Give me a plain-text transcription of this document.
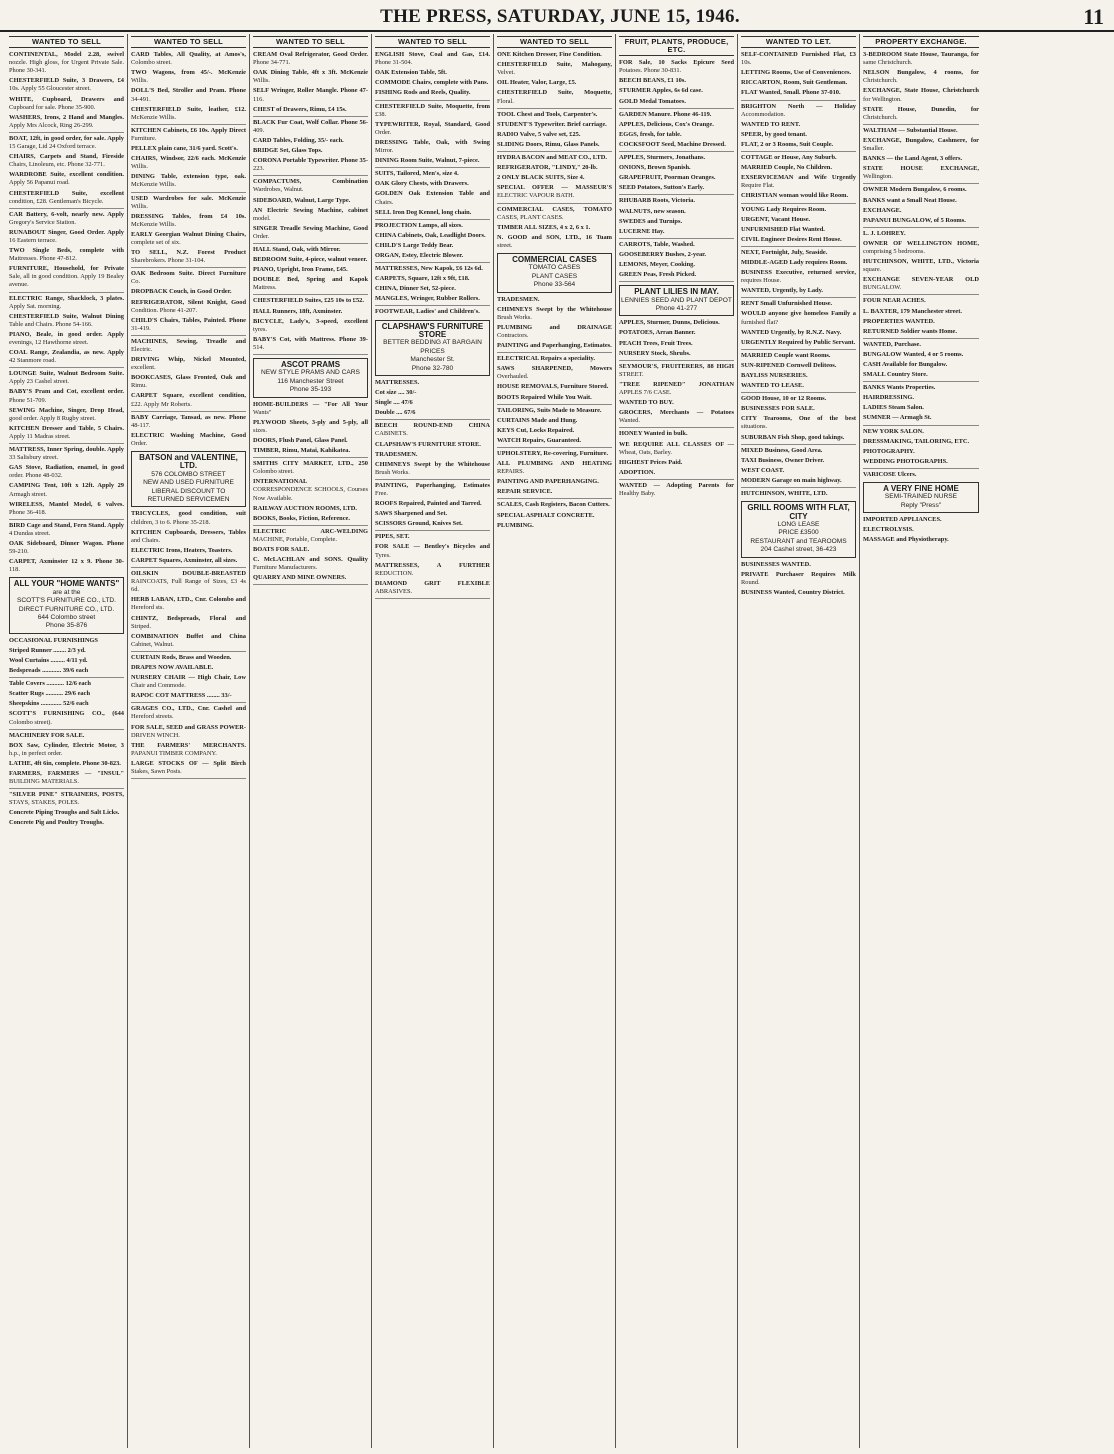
THE PRESS, SATURDAY, JUNE 15, 1946.	11
WANTED TO SELL
CONTINENTAL, Model 2.28, swivel nozzle. High gloss, for Urgent Private Sale. Phone 30-341.
CHESTERFIELD Suite, 3 Drawers, £4 10s. Apply 55 Gloucester street.
WHITE, Cupboard, Drawers and Cupboard for sale. Phone 35-900.
WASHERS, Irons, 2 Hand and Mangles. Apply Mrs Alcock, Ring 26-299.
BOAT, 12ft, in good order, for sale. Apply 15 Garage, Lid 24 Oxford terrace.
CHAIRS, Carpets and Stand, Fireside Chairs, Linoleum, etc. Phone 32-771.
WARDROBE Suite, excellent condition. Apply 56 Papanui road.
CHESTERFIELD Suite, excellent condition, £28. Gentleman's Bicycle.
CAR Battery, 6-volt, nearly new. Apply Gregory's Service Station.
RUNABOUT Singer, Good Order. Apply 16 Eastern terrace.
TWO Single Beds, complete with Mattresses. Phone 47-812.
FURNITURE, Household, for Private Sale, all in good condition. Apply 19 Bealey avenue.
ELECTRIC Range, Shacklock, 3 plates. Apply Sat. morning.
CHESTERFIELD Suite, Walnut Dining Table and Chairs. Phone 54-166.
PIANO, Beale, in good order. Apply evenings, 12 Hawthorne street.
COAL Range, Zealandia, as new. Apply 42 Stanmore road.
LOUNGE Suite, Walnut Bedroom Suite. Apply 23 Cashel street.
BABY'S Pram and Cot, excellent order. Phone 51-709.
SEWING Machine, Singer, Drop Head, good order. Apply 8 Rugby street.
KITCHEN Dresser and Table, 5 Chairs. Apply 11 Madras street.
MATTRESS, Inner Spring, double. Apply 33 Salisbury street.
GAS Stove, Radiation, enamel, in good order. Phone 48-032.
CAMPING Tent, 10ft x 12ft. Apply 29 Armagh street.
WIRELESS, Mantel Model, 6 valves. Phone 36-418.
BIRD Cage and Stand, Fern Stand. Apply 4 Dundas street.
OAK Sideboard, Dinner Wagon. Phone 59-210.
CARPET, Axminster 12 x 9. Phone 30-118.
ALL YOUR "HOME WANTS"
are at the
SCOTT'S FURNITURE CO., LTD.
DIRECT FURNITURE CO., LTD.
644 Colombo street
Phone 35-876
OCCASIONAL FURNISHINGS
Striped Runner ........ 2/3 yd.
Wool Curtains ......... 4/11 yd.
Bedspreads ............ 39/6 each
Table Covers ........... 12/6 each
Scatter Rugs ........... 29/6 each
Sheepskins ............. 52/6 each
SCOTT'S FURNISHING CO., (644 Colombo street).
MACHINERY FOR SALE.
BOX Saw, Cylinder, Electric Motor, 3 h.p., in perfect order.
LATHE, 4ft 6in, complete. Phone 30-823.
FARMERS, FARMERS — "INSUL" BUILDING MATERIALS.
"SILVER PINE" STRAINERS, POSTS, STAYS, STAKES, POLES.
Concrete Piping Troughs and Salt Licks.
Concrete Pig and Poultry Troughs.
WANTED TO SELL
CARD Tables, All Quality, at Amos's, Colombo street.
TWO Wagons, from 45/-. McKenzie Willis.
DOLL'S Bed, Stroller and Pram. Phone 34-491.
CHESTERFIELD Suite, leather, £12. McKenzie Willis.
KITCHEN Cabinets, £6 10s. Apply Direct Furniture.
PELLEX plain cane, 31/6 yard. Scott's.
CHAIRS, Windsor, 22/6 each. McKenzie Willis.
DINING Table, extension type, oak. McKenzie Willis.
USED Wardrobes for sale. McKenzie Willis.
DRESSING Tables, from £4 10s. McKenzie Willis.
EARLY Georgian Walnut Dining Chairs, complete set of six.
TO SELL, N.Z. Forest Product Sharebrokers. Phone 31-104.
OAK Bedroom Suite. Direct Furniture Co.
DROPBACK Couch, in Good Order.
REFRIGERATOR, Silent Knight, Good Condition. Phone 41-207.
CHILD'S Chairs, Tables, Painted. Phone 31-419.
MACHINES, Sewing, Treadle and Electric.
DRIVING Whip, Nickel Mounted, excellent.
BOOKCASES, Glass Fronted, Oak and Rimu.
CARPET Square, excellent condition, £22. Apply Mr Roberts.
BABY Carriage, Tansad, as new. Phone 48-117.
ELECTRIC Washing Machine, Good Order.
BATSON and VALENTINE, LTD.
576 COLOMBO STREET
NEW AND USED FURNITURE
LIBERAL DISCOUNT TO RETURNED SERVICEMEN
TRICYCLES, good condition, suit children, 3 to 6. Phone 35-218.
KITCHEN Cupboards, Dressers, Tables and Chairs.
ELECTRIC Irons, Heaters, Toasters.
CARPET Squares, Axminster, all sizes.
OILSKIN DOUBLE-BREASTED RAINCOATS, Full Range of Sizes, £3 4s 6d.
HERB LABAN, LTD., Cnr. Colombo and Hereford sts.
CHINTZ, Bedspreads, Floral and Striped.
COMBINATION Buffet and China Cabinet, Walnut.
CURTAIN Rods, Brass and Wooden.
DRAPES NOW AVAILABLE.
NURSERY CHAIR — High Chair, Low Chair and Commode.
RAPOC COT MATTRESS ........ 33/-
GRAGES CO., LTD., Cnr. Cashel and Hereford streets.
FOR SALE, SEED and GRASS POWER-DRIVEN WINCH.
THE FARMERS' MERCHANTS. PAPANUI TIMBER COMPANY.
LARGE STOCKS OF — Split Birch Stakes, Sawn Posts.
WANTED TO SELL
CREAM Oval Refrigerator, Good Order. Phone 34-771.
OAK Dining Table, 4ft x 3ft. McKenzie Willis.
SELF Wringer, Roller Mangle. Phone 47-116.
CHEST of Drawers, Rimu, £4 15s.
BLACK Fur Coat, Wolf Collar. Phone 56-409.
CARD Tables, Folding, 35/- each.
BRIDGE Set, Glass Tops.
CORONA Portable Typewriter. Phone 35-223.
COMPACTUMS, Combination Wardrobes, Walnut.
SIDEBOARD, Walnut, Large Type.
AN Electric Sewing Machine, cabinet model.
SINGER Treadle Sewing Machine, Good Order.
HALL Stand, Oak, with Mirror.
BEDROOM Suite, 4-piece, walnut veneer.
PIANO, Upright, Iron Frame, £45.
DOUBLE Bed, Spring and Kapok Mattress.
CHESTERFIELD Suites, £25 10s to £52.
HALL Runners, 18ft, Axminster.
BICYCLE, Lady's, 3-speed, excellent tyres.
BABY'S Cot, with Mattress. Phone 39-514.
ASCOT PRAMS
NEW STYLE PRAMS AND CARS
116 Manchester Street
Phone 35-193
HOME-BUILDERS — "For All Your Wants"
PLYWOOD Sheets, 3-ply and 5-ply, all sizes.
DOORS, Flush Panel, Glass Panel.
TIMBER, Rimu, Matai, Kahikatea.
SMITHS CITY MARKET, LTD., 250 Colombo street.
INTERNATIONAL CORRESPONDENCE SCHOOLS, Courses Now Available.
RAILWAY AUCTION ROOMS, LTD.
BOOKS, Books, Fiction, Reference.
ELECTRIC ARC-WELDING MACHINE, Portable, Complete.
BOATS FOR SALE.
C. McLACHLAN and SONS. Quality Furniture Manufacturers.
QUARRY AND MINE OWNERS.
WANTED TO SELL
ENGLISH Stove, Coal and Gas, £14. Phone 31-504.
OAK Extension Table, 5ft.
COMMODE Chairs, complete with Pans.
FISHING Rods and Reels, Quality.
CHESTERFIELD Suite, Moquette, from £38.
TYPEWRITER, Royal, Standard, Good Order.
DRESSING Table, Oak, with Swing Mirror.
DINING Room Suite, Walnut, 7-piece.
SUITS, Tailored, Men's, size 4.
OAK Glory Chests, with Drawers.
GOLDEN Oak Extension Table and Chairs.
SELL Iron Dog Kennel, long chain.
PROJECTION Lamps, all sizes.
CHINA Cabinets, Oak, Leadlight Doors.
CHILD'S Large Teddy Bear.
ORGAN, Estey, Electric Blower.
MATTRESSES, New Kapok, £6 12s 6d.
CARPETS, Square, 12ft x 9ft, £18.
CHINA, Dinner Set, 52-piece.
MANGLES, Wringer, Rubber Rollers.
FOOTWEAR, Ladies' and Children's.
CLAPSHAW'S FURNITURE STORE
BETTER BEDDING AT BARGAIN PRICES
Manchester St.
Phone 32-780
MATTRESSES.
Cot size .... 30/-
Single .... 47/6
Double .... 67/6
BEECH ROUND-END CHINA CABINETS.
CLAPSHAW'S FURNITURE STORE.
TRADESMEN.
CHIMNEYS Swept by the Whitehouse Brush Works.
PAINTING, Paperhanging, Estimates Free.
ROOFS Repaired, Painted and Tarred.
SAWS Sharpened and Set.
SCISSORS Ground, Knives Set.
PIPES, SET.
FOR SALE — Bentley's Bicycles and Tyres.
MATTRESSES, A FURTHER REDUCTION.
DIAMOND GRIT FLEXIBLE ABRASIVES.
WANTED TO SELL
ONE Kitchen Dresser, Fine Condition.
CHESTERFIELD Suite, Mahogany, Velvet.
OIL Heater, Valor, Large, £5.
CHESTERFIELD Suite, Moquette, Floral.
TOOL Chest and Tools, Carpenter's.
STUDENT'S Typewriter. Brief carriage.
RADIO Valve, 5 valve set, £25.
SLIDING Doors, Rimu, Glass Panels.
HYDRA BACON and MEAT CO., LTD.
REFRIGERATOR, "LINDY," 20-lb.
2 ONLY BLACK SUITS, Size 4.
SPECIAL OFFER — MASSEUR'S ELECTRIC VAPOUR BATH.
COMMERCIAL CASES, TOMATO CASES, PLANT CASES.
TIMBER ALL SIZES, 4 x 2, 6 x 1.
N. GOOD and SON, LTD., 16 Tuam street.
COMMERCIAL CASES
TOMATO CASES
PLANT CASES
Phone 33-564
TRADESMEN.
CHIMNEYS Swept by the Whitehouse Brush Works.
PLUMBING and DRAINAGE Contractors.
PAINTING and Paperhanging, Estimates.
ELECTRICAL Repairs a speciality.
SAWS SHARPENED, Mowers Overhauled.
HOUSE REMOVALS, Furniture Stored.
BOOTS Repaired While You Wait.
TAILORING, Suits Made to Measure.
CURTAINS Made and Hung.
KEYS Cut, Locks Repaired.
WATCH Repairs, Guaranteed.
UPHOLSTERY, Re-covering, Furniture.
ALL PLUMBING AND HEATING REPAIRS.
PAINTING AND PAPERHANGING.
REPAIR SERVICE.
SCALES, Cash Registers, Bacon Cutters.
SPECIAL ASPHALT CONCRETE.
PLUMBING.
FRUIT, PLANTS, PRODUCE, ETC.
FOR Sale, 10 Sacks Epicure Seed Potatoes. Phone 30-831.
BEECH BEANS, £1 10s.
STURMER Apples, 6s 6d case.
GOLD Medal Tomatoes.
GARDEN Manure. Phone 46-119.
APPLES, Delicious, Cox's Orange.
EGGS, fresh, for table.
COCKSFOOT Seed, Machine Dressed.
APPLES, Sturmers, Jonathans.
ONIONS, Brown Spanish.
GRAPEFRUIT, Poorman Oranges.
SEED Potatoes, Sutton's Early.
RHUBARB Roots, Victoria.
WALNUTS, new season.
SWEDES and Turnips.
LUCERNE Hay.
CARROTS, Table, Washed.
GOOSEBERRY Bushes, 2-year.
LEMONS, Meyer, Cooking.
GREEN Peas, Fresh Picked.
PLANT LILIES IN MAY.
LENNIES SEED AND PLANT DEPOT
Phone 41-277
APPLES, Sturmer, Dunns, Delicious.
POTATOES, Arran Banner.
PEACH Trees, Fruit Trees.
NURSERY Stock, Shrubs.
SEYMOUR'S, FRUITERERS, 88 HIGH STREET.
"TREE RIPENED" JONATHAN APPLES 7/6 CASE.
WANTED TO BUY.
GROCERS, Merchants — Potatoes Wanted.
HONEY Wanted in bulk.
WE REQUIRE ALL CLASSES OF — Wheat, Oats, Barley.
HIGHEST Prices Paid.
ADOPTION.
WANTED — Adopting Parents for Healthy Baby.
WANTED TO LET.
SELF-CONTAINED Furnished Flat, £3 10s.
LETTING Rooms, Use of Conveniences.
RICCARTON, Room, Suit Gentleman.
FLAT Wanted, Small. Phone 37-010.
BRIGHTON North — Holiday Accommodation.
WANTED TO RENT.
SPEER, by good tenant.
FLAT, 2 or 3 Rooms, Suit Couple.
COTTAGE or House, Any Suburb.
MARRIED Couple, No Children.
EXSERVICEMAN and Wife Urgently Require Flat.
CHRISTIAN woman would like Room.
YOUNG Lady Requires Room.
URGENT, Vacant House.
UNFURNISHED Flat Wanted.
CIVIL Engineer Desires Rent House.
NEXT, Fortnight, July, Seaside.
MIDDLE-AGED Lady requires Room.
BUSINESS Executive, returned service, requires House.
WANTED, Urgently, by Lady.
RENT Small Unfurnished House.
WOULD anyone give homeless Family a furnished flat?
WANTED Urgently, by R.N.Z. Navy.
URGENTLY Required by Public Servant.
MARRIED Couple want Rooms.
SUN-RIPENED Cornwell Deliteos.
BAYLISS NURSERIES.
WANTED TO LEASE.
GOOD House, 10 or 12 Rooms.
BUSINESSES FOR SALE.
CITY Tearooms, One of the best situations.
SUBURBAN Fish Shop, good takings.
MIXED Business, Good Area.
TAXI Business, Owner Driver.
WEST COAST.
MODERN Garage on main highway.
HUTCHINSON, WHITE, LTD.
GRILL ROOMS WITH FLAT, CITY
LONG LEASE
PRICE £3500
RESTAURANT and TEAROOMS
204 Cashel street, 36-423
BUSINESSES WANTED.
PRIVATE Purchaser Requires Milk Round.
BUSINESS Wanted, Country District.
PROPERTY EXCHANGE.
3-BEDROOM State House, Tauranga, for same Christchurch.
NELSON Bungalow, 4 rooms, for Christchurch.
EXCHANGE, State House, Christchurch for Wellington.
STATE House, Dunedin, for Christchurch.
WALTHAM — Substantial House.
EXCHANGE, Bungalow, Cashmere, for Smaller.
BANKS — the Land Agent, 3 offers.
STATE HOUSE EXCHANGE, Wellington.
OWNER Modern Bungalow, 6 rooms.
BANKS want a Small Neat House.
EXCHANGE.
PAPANUI BUNGALOW, of 5 Rooms.
L. J. LOHREY.
OWNER OF WELLINGTON HOME, comprising 5 bedrooms.
HUTCHINSON, WHITE, LTD., Victoria square.
EXCHANGE SEVEN-YEAR OLD BUNGALOW.
FOUR NEAR ACHES.
L. BAXTER, 179 Manchester street.
PROPERTIES WANTED.
RETURNED Soldier wants Home.
WANTED, Purchase.
BUNGALOW Wanted, 4 or 5 rooms.
CASH Available for Bungalow.
SMALL Country Store.
BANKS Wants Properties.
HAIRDRESSING.
LADIES Steam Salon.
SUMNER — Armagh St.
NEW YORK SALON.
DRESSMAKING, TAILORING, ETC.
PHOTOGRAPHY.
WEDDING PHOTOGRAPHS.
VARICOSE Ulcers.
A VERY FINE HOME
SEMI-TRAINED NURSE
Reply "Press"
IMPORTED APPLIANCES.
ELECTROLYSIS.
MASSAGE and Physiotherapy.
